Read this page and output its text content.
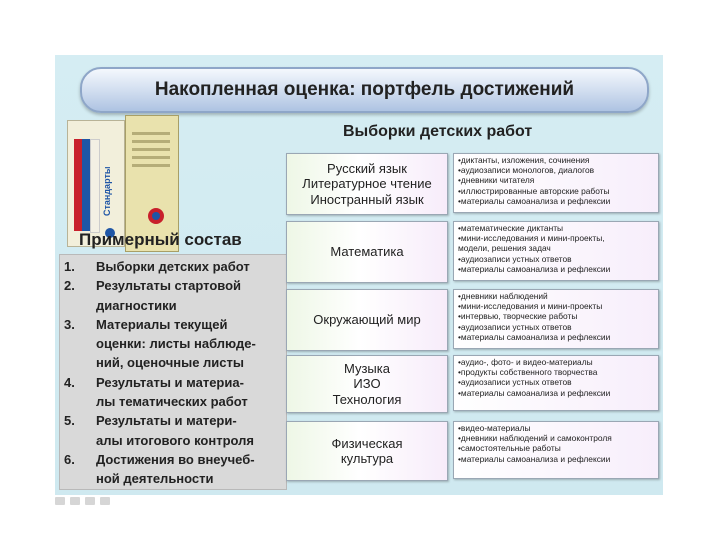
Накопленная оценка: портфель достижений
Стандарты
Выборки детских работ
Примерный состав
1.	Выборки детских работ
2.	Результаты стартовой
диагностики
3.	Материалы текущей
оценки: листы наблюде-
ний, оценочные листы
4.	Результаты и материа-
лы тематических работ
5.	Результаты и матери-
алы итогового контроля
6.	Достижения во внеучеб-
ной деятельности
Русский язык
Литературное чтение
Иностранный язык
•диктанты, изложения, сочинения
•аудиозаписи монологов, диалогов
•дневники читателя
•иллюстрированные авторские работы
•материалы самоанализа и рефлексии
Математика
•математические диктанты
•мини-исследования и мини-проекты,
модели, решения задач
•аудиозаписи устных ответов
•материалы самоанализа и рефлексии
Окружающий мир
•дневники наблюдений
•мини-исследования и мини-проекты
•интервью, творческие работы
•аудиозаписи устных ответов
•материалы самоанализа и рефлексии
Музыка
ИЗО
Технология
•аудио-, фото- и видео-материалы
•продукты собственного творчества
•аудиозаписи устных ответов
•материалы самоанализа и рефлексии
Физическая
культура
•видео-материалы
•дневники наблюдений и самоконтроля
•самостоятельные работы
•материалы самоанализа и рефлексии
